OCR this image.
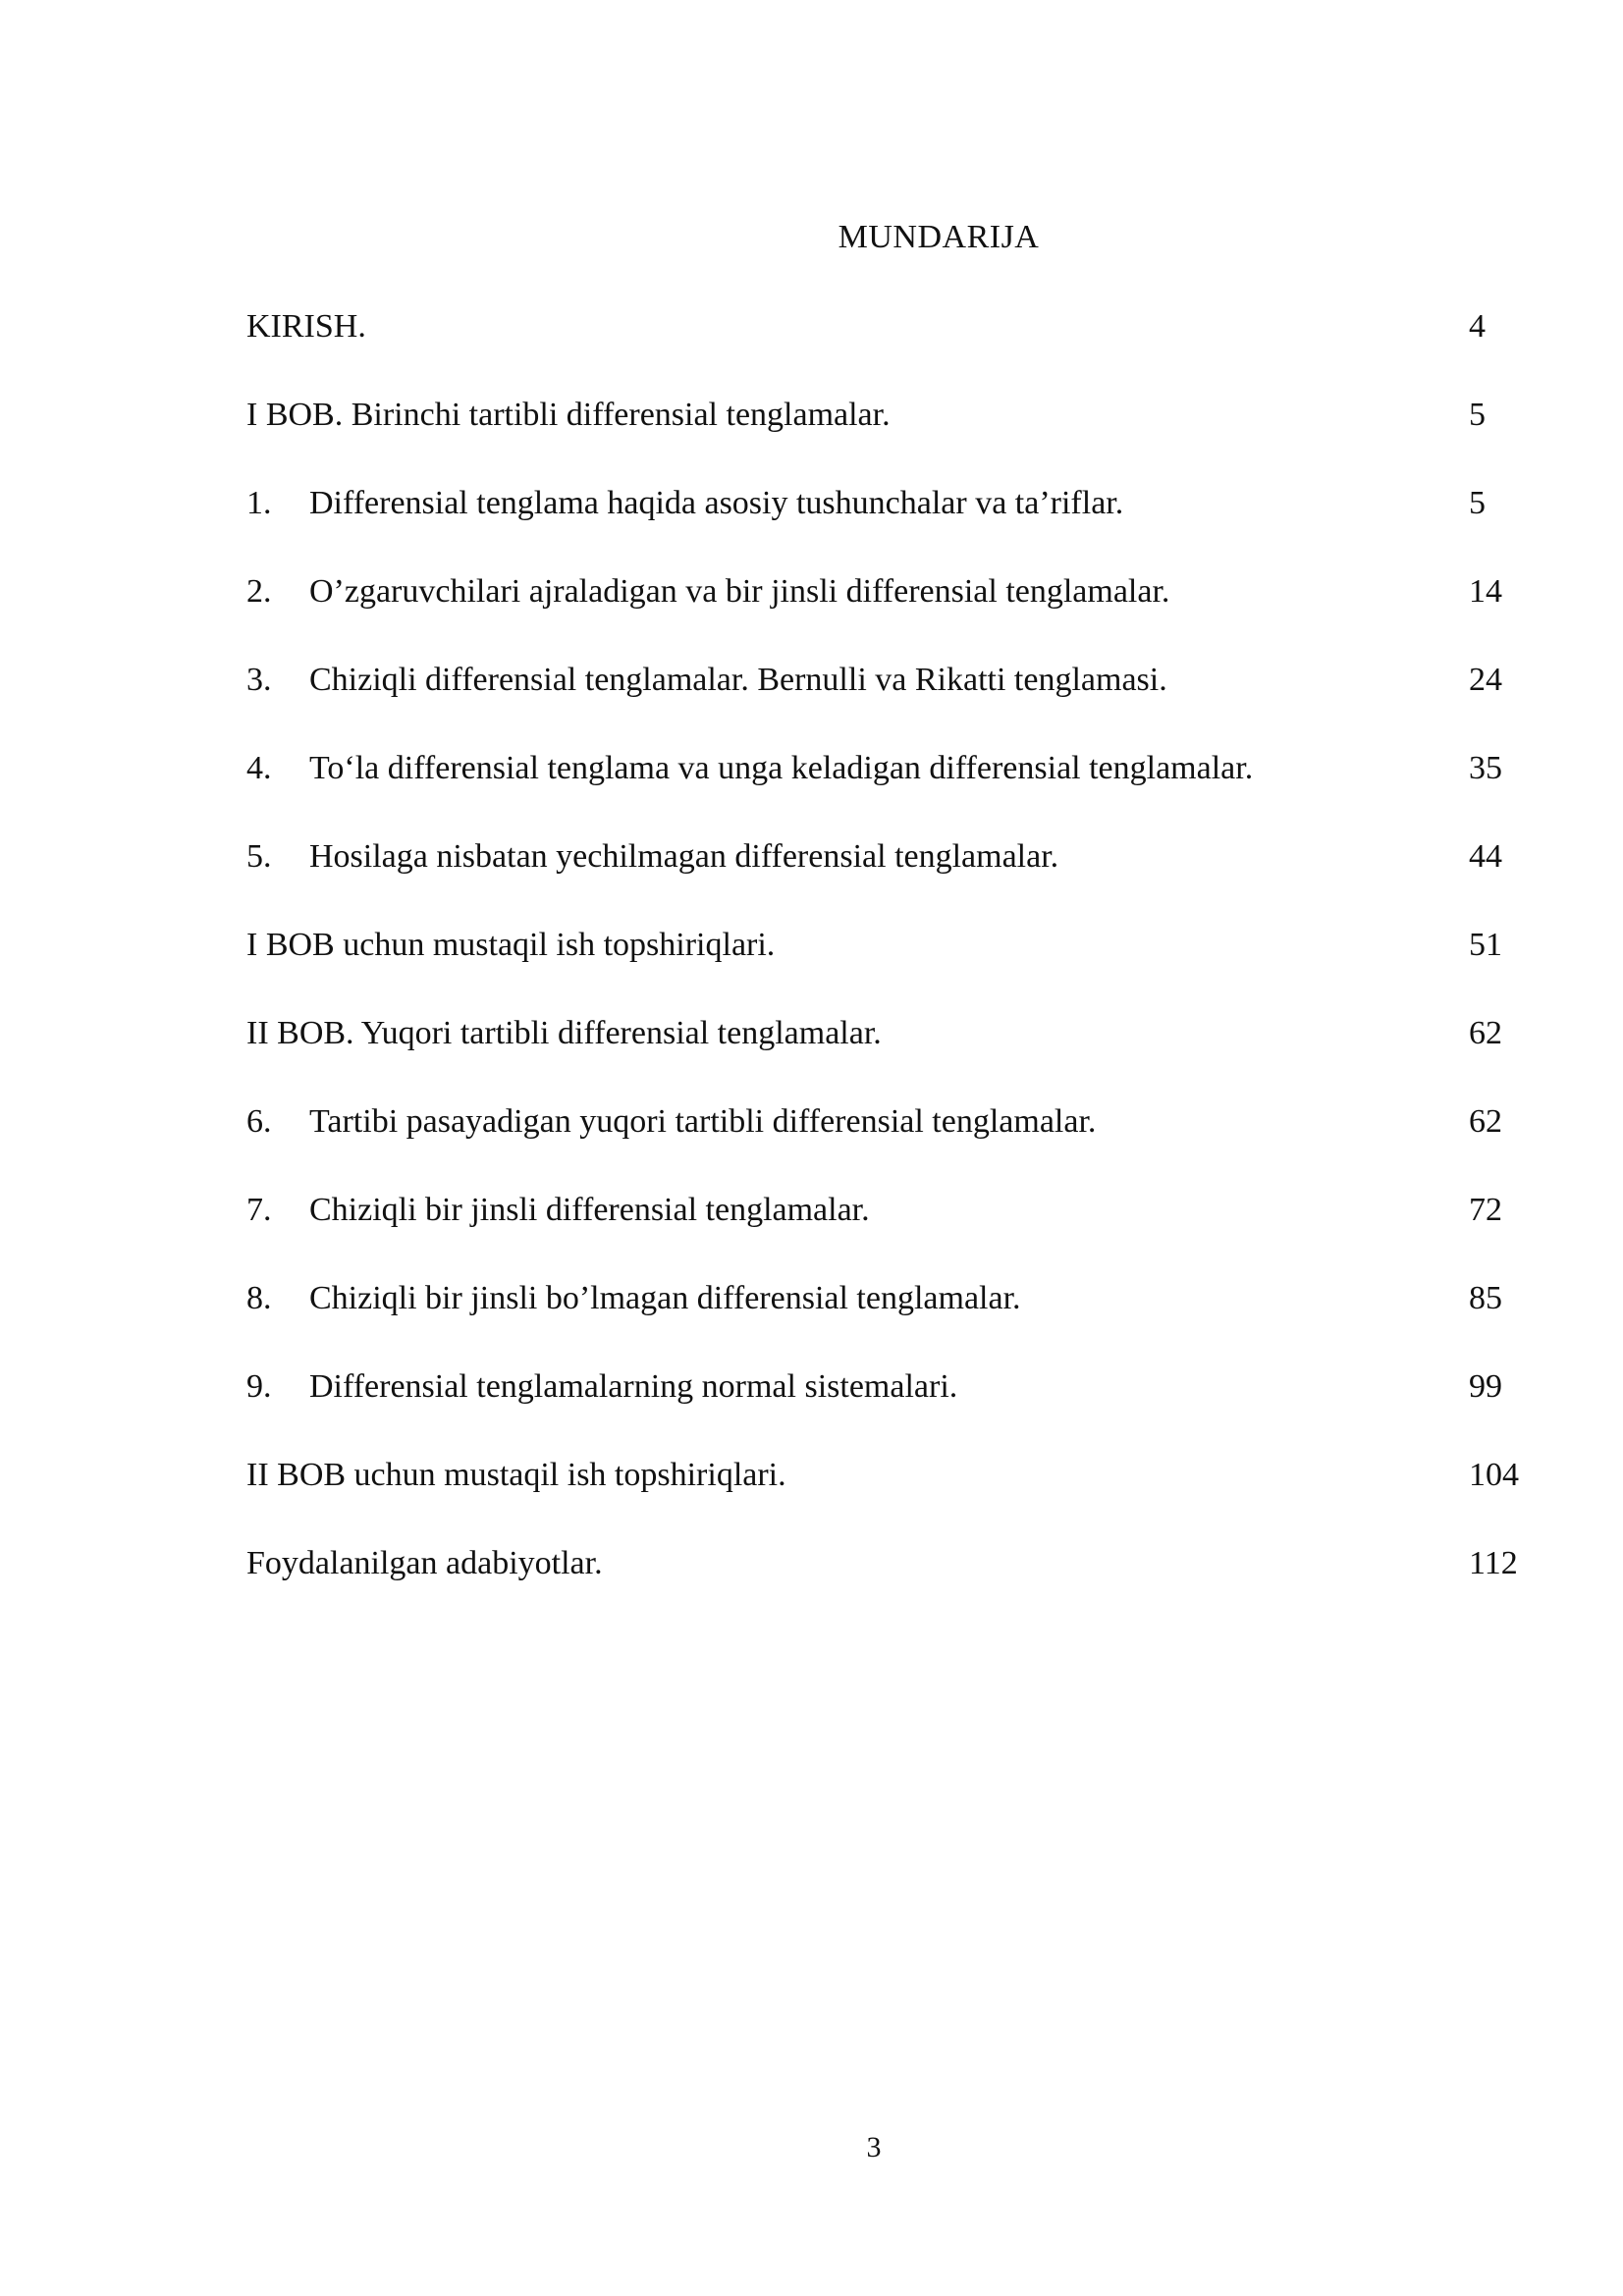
MUNDARIJA
KIRISH.	4
I BOB. Birinchi tartibli differensial tenglamalar.	5
1. Differensial tenglama haqida asosiy tushunchalar va ta’riflar.	5
2. O’zgaruvchilari ajraladigan va bir jinsli differensial tenglamalar.	14
3. Chiziqli differensial tenglamalar. Bernulli va Rikatti tenglamasi.	24
4. To‘la differensial tenglama va unga keladigan differensial tenglamalar.	35
5. Hosilaga nisbatan yechilmagan differensial tenglamalar.	44
I BOB uchun mustaqil ish topshiriqlari.	51
II BOB. Yuqori tartibli differensial tenglamalar.	62
6. Tartibi pasayadigan yuqori tartibli differensial tenglamalar.	62
7. Chiziqli bir jinsli differensial tenglamalar.	72
8. Chiziqli bir jinsli bo’lmagan differensial tenglamalar.	85
9. Differensial tenglamalarning normal sistemalari.	99
II BOB uchun mustaqil ish topshiriqlari.	104
Foydalanilgan adabiyotlar.	112
3
